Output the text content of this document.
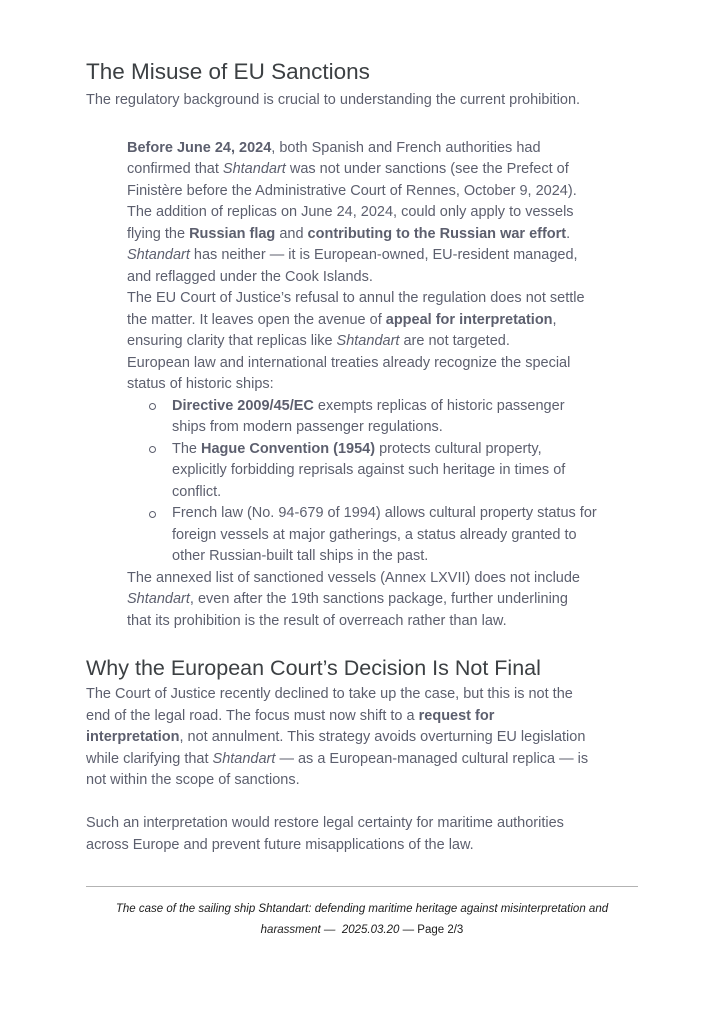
The Misuse of EU Sanctions

The regulatory background is crucial to understanding the current prohibition.

Before June 24, 2024, both Spanish and French authorities had
confirmed that Shtandart was not under sanctions (see the Prefect of
Finistère before the Administrative Court of Rennes, October 9, 2024).
The addition of replicas on June 24, 2024, could only apply to vessels
flying the Russian flag and contributing to the Russian war effort.
Shtandart has neither — it is European-owned, EU-resident managed,
and reflagged under the Cook Islands.
The EU Court of Justice’s refusal to annul the regulation does not settle
the matter. It leaves open the avenue of appeal for interpretation,
ensuring clarity that replicas like Shtandart are not targeted.
European law and international treaties already recognize the special
status of historic ships:
Directive 2009/45/EC exempts replicas of historic passenger
ships from modern passenger regulations.
The Hague Convention (1954) protects cultural property,
explicitly forbidding reprisals against such heritage in times of
conflict.
French law (No. 94-679 of 1994) allows cultural property status for
foreign vessels at major gatherings, a status already granted to
other Russian-built tall ships in the past.
The annexed list of sanctioned vessels (Annex LXVII) does not include
Shtandart, even after the 19th sanctions package, further underlining
that its prohibition is the result of overreach rather than law.
Why the European Court’s Decision Is Not Final
The Court of Justice recently declined to take up the case, but this is not the
end of the legal road. The focus must now shift to a request for
interpretation, not annulment. This strategy avoids overturning EU legislation
while clarifying that Shtandart — as a European-managed cultural replica — is
not within the scope of sanctions.
Such an interpretation would restore legal certainty for maritime authorities
across Europe and prevent future misapplications of the law.
The case of the sailing ship Shtandart: defending maritime heritage against misinterpretation and
harassment —  2025.03.20 — Page 2/3
